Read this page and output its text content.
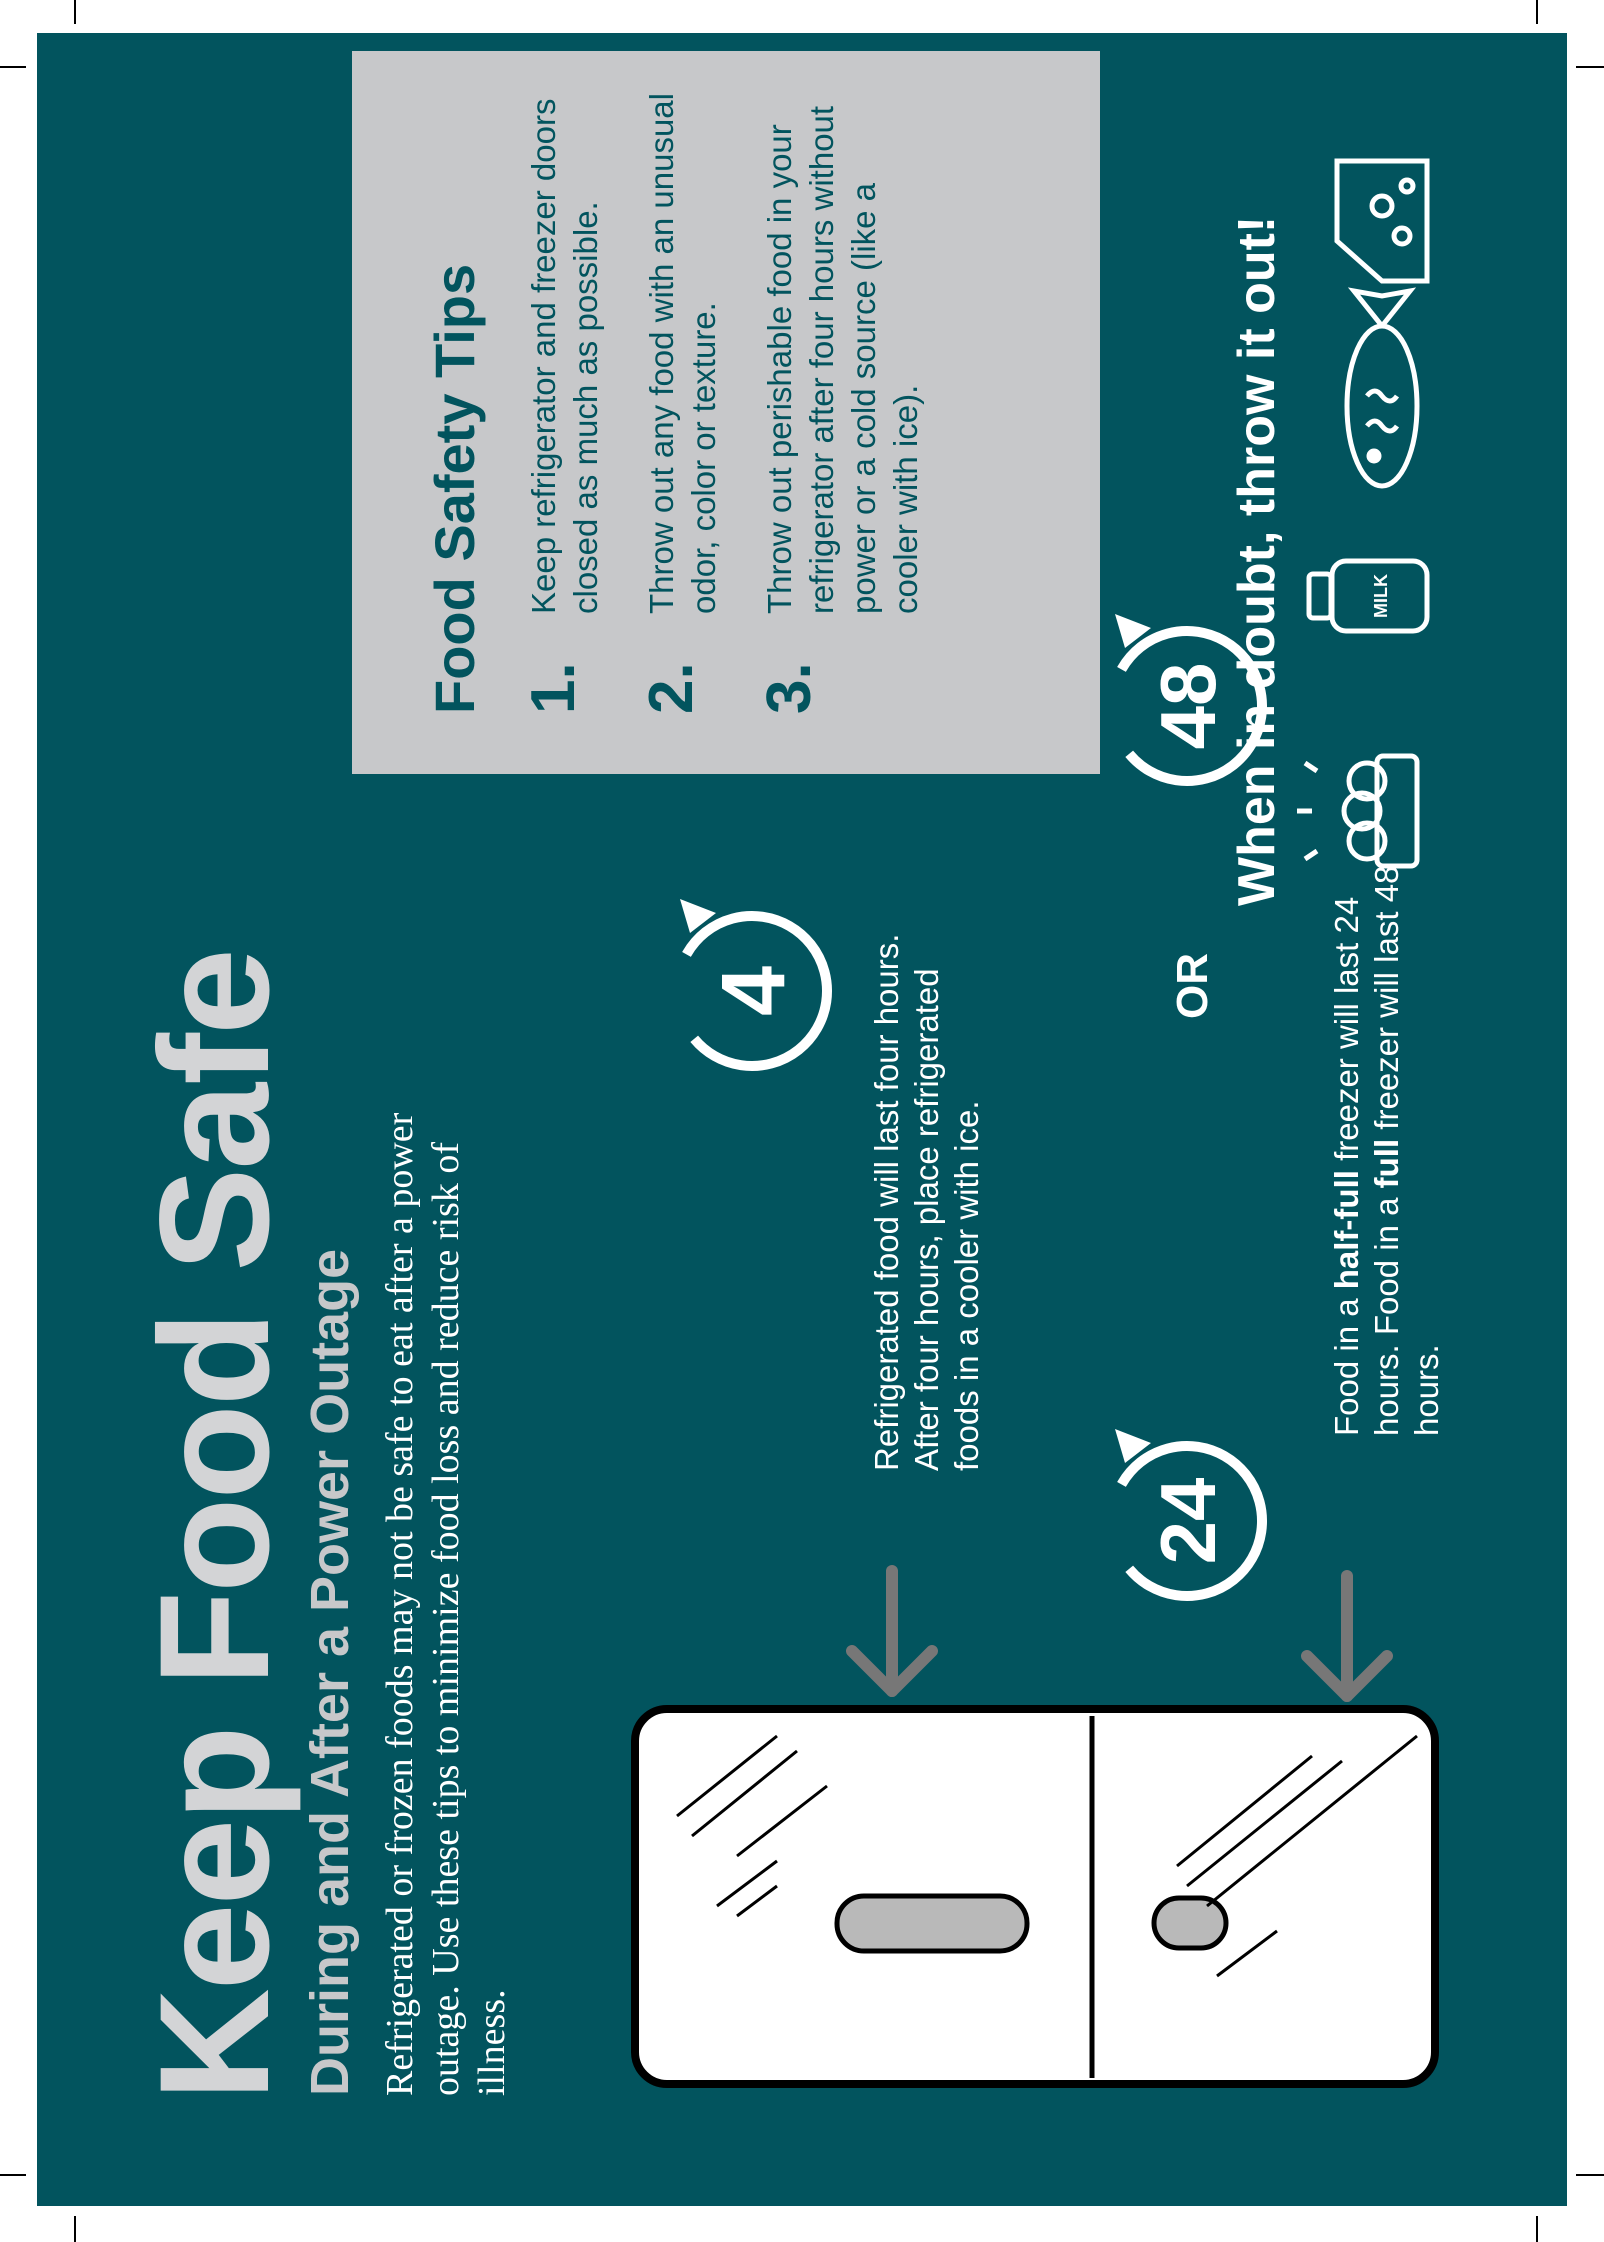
Keep Food Safe
During and After a Power Outage Refrigerated or frozen foods may not be safe to eat after a power outage. Use these tips to minimize food loss and reduce risk of illness.

4
24
OR
48
MILK

Refrigerated food will last four hours. After four hours, place refrigerated foods in a cooler with ice.	Food in a half-full freezer will last 24 hours. Food in a full freezer will last 48 hours.

Food Safety Tips 1.
Keep refrigerator and freezer doors closed as much as possible.
2.
Throw out any food with an unusual odor, color or texture.
3.
Throw out perishable food in your refrigerator after four hours without power or a cold source (like a cooler with ice).	When in doubt, throw it out!
